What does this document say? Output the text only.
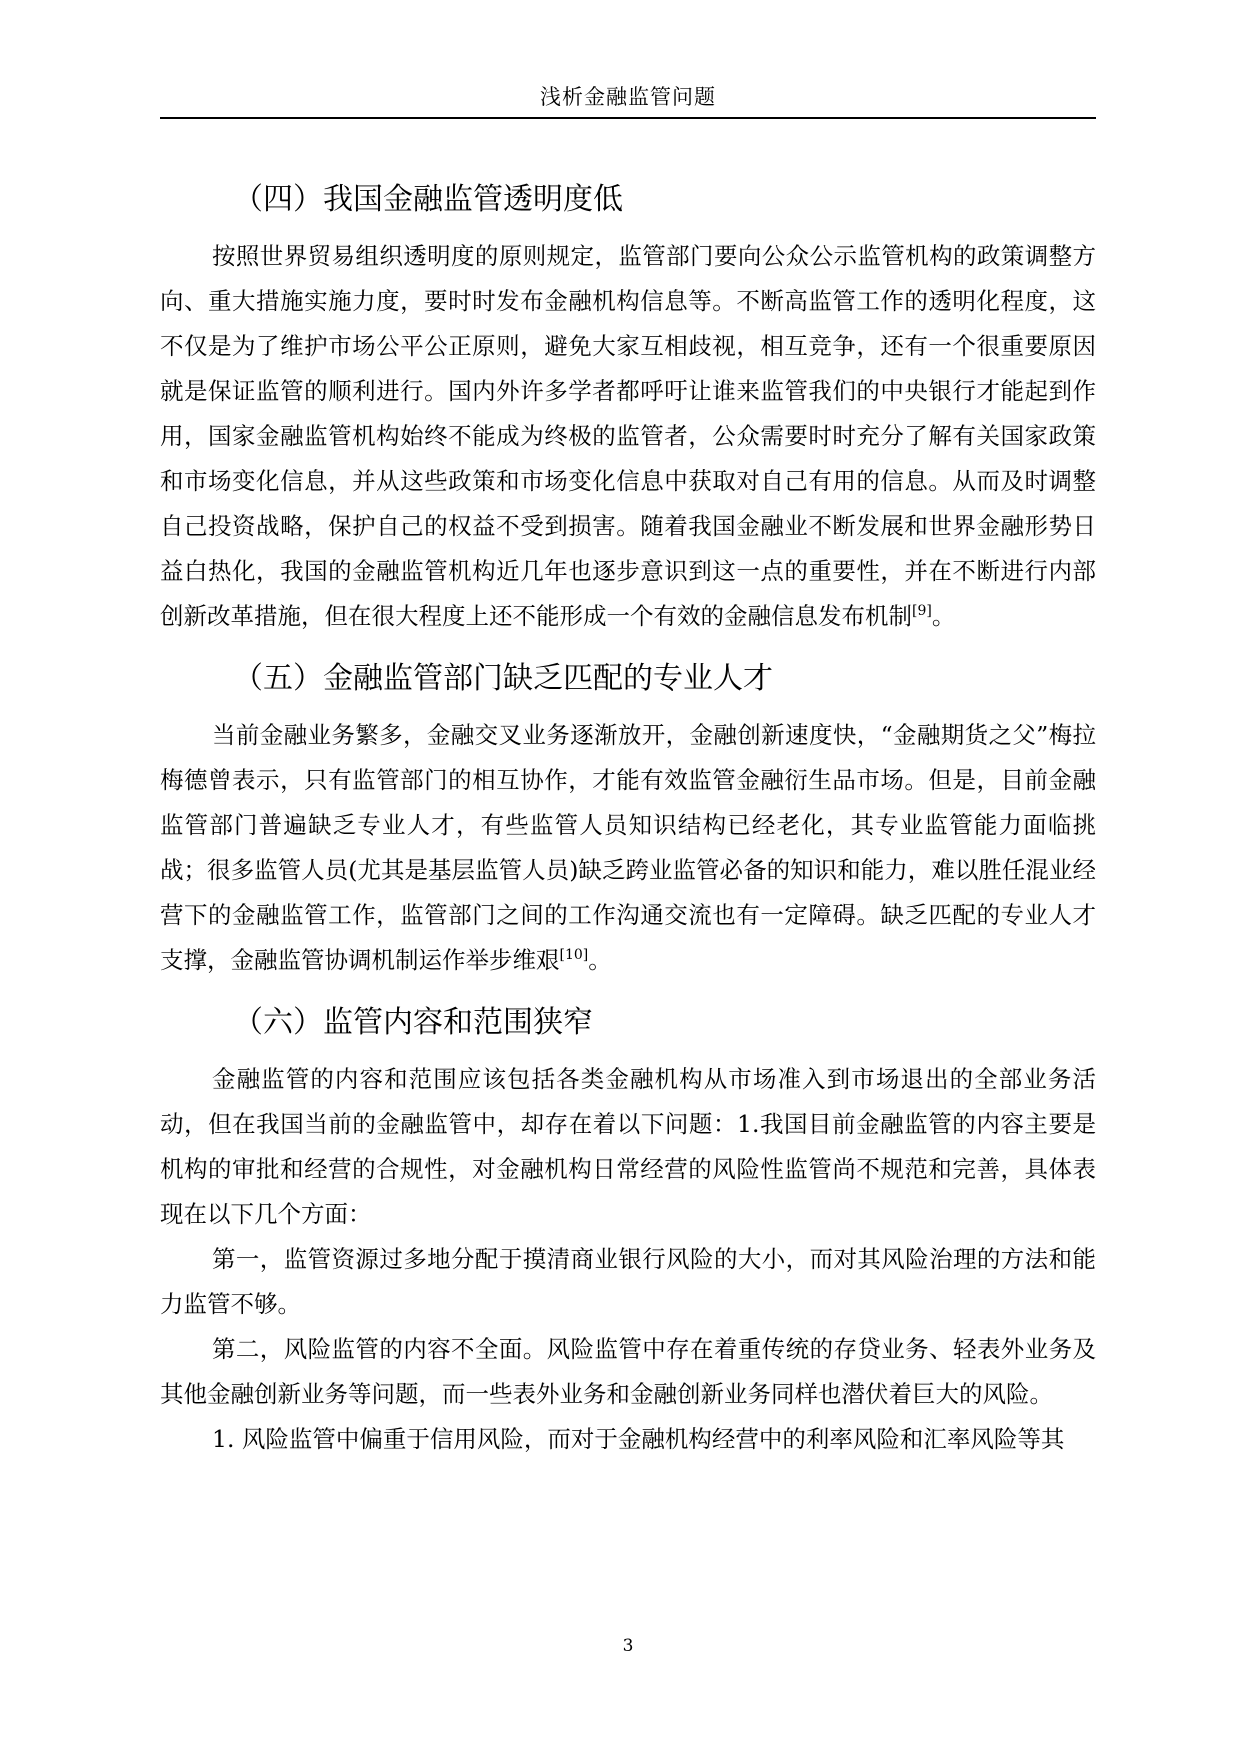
浅析金融监管问题
（四）我国金融监管透明度低

按照世界贸易组织透明度的原则规定，监管部门要向公众公示监管机构的政策调整方向、重大措施实施力度，要时时发布金融机构信息等。不断高监管工作的透明化程度，这不仅是为了维护市场公平公正原则，避免大家互相歧视，相互竞争，还有一个很重要原因就是保证监管的顺利进行。国内外许多学者都呼吁让谁来监管我们的中央银行才能起到作用，国家金融监管机构始终不能成为终极的监管者，公众需要时时充分了解有关国家政策和市场变化信息，并从这些政策和市场变化信息中获取对自己有用的信息。从而及时调整自己投资战略，保护自己的权益不受到损害。随着我国金融业不断发展和世界金融形势日益白热化，我国的金融监管机构近几年也逐步意识到这一点的重要性，并在不断进行内部创新改革措施，但在很大程度上还不能形成一个有效的金融信息发布机制[9]。

（五）金融监管部门缺乏匹配的专业人才

当前金融业务繁多，金融交叉业务逐渐放开，金融创新速度快，“金融期货之父”梅拉梅德曾表示，只有监管部门的相互协作，才能有效监管金融衍生品市场。但是，目前金融监管部门普遍缺乏专业人才，有些监管人员知识结构已经老化，其专业监管能力面临挑战；很多监管人员(尤其是基层监管人员)缺乏跨业监管必备的知识和能力，难以胜任混业经营下的金融监管工作，监管部门之间的工作沟通交流也有一定障碍。缺乏匹配的专业人才支撑，金融监管协调机制运作举步维艰[10]。

（六）监管内容和范围狭窄

金融监管的内容和范围应该包括各类金融机构从市场准入到市场退出的全部业务活动，但在我国当前的金融监管中，却存在着以下问题：1.我国目前金融监管的内容主要是机构的审批和经营的合规性，对金融机构日常经营的风险性监管尚不规范和完善，具体表现在以下几个方面：

第一，监管资源过多地分配于摸清商业银行风险的大小，而对其风险治理的方法和能力监管不够。

第二，风险监管的内容不全面。风险监管中存在着重传统的存贷业务、轻表外业务及其他金融创新业务等问题，而一些表外业务和金融创新业务同样也潜伏着巨大的风险。

1. 风险监管中偏重于信用风险，而对于金融机构经营中的利率风险和汇率风险等其

3
